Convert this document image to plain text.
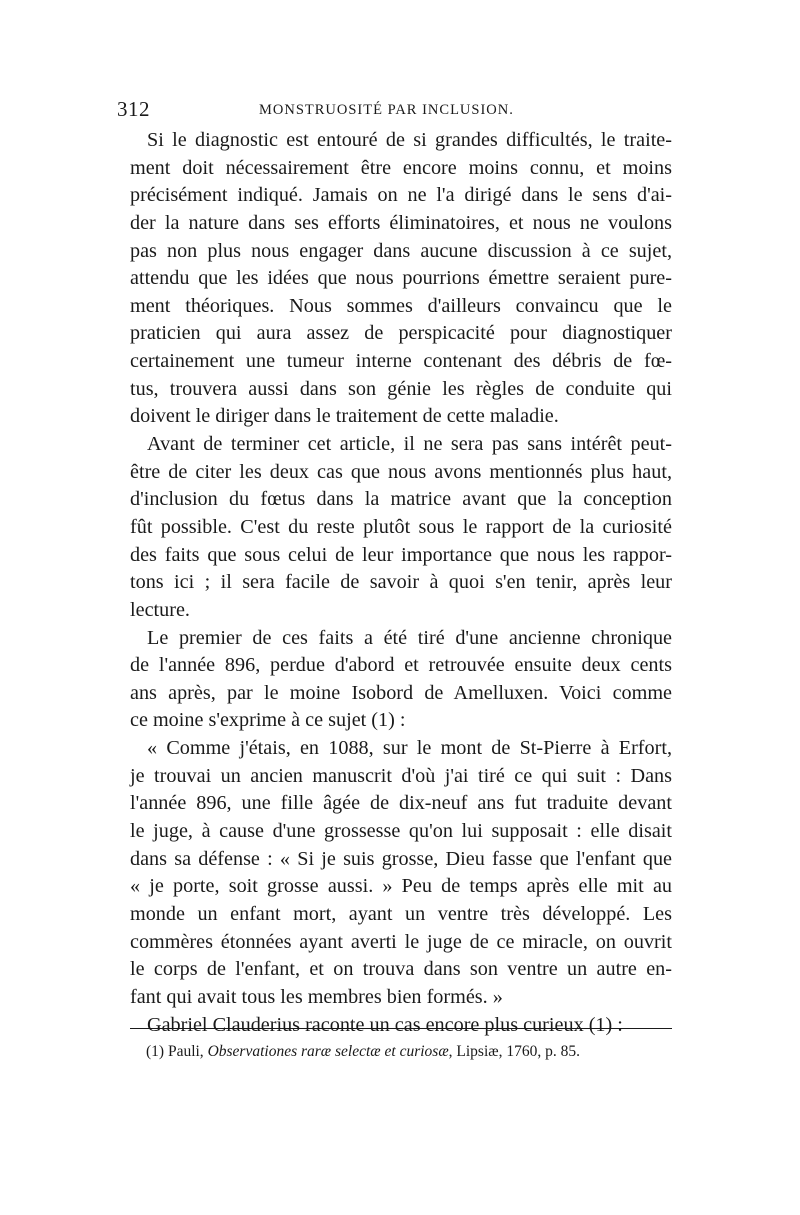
312	MONSTRUOSITÉ PAR INCLUSION.
Si le diagnostic est entouré de si grandes difficultés, le traite-
ment doit nécessairement être encore moins connu, et moins
précisément indiqué. Jamais on ne l'a dirigé dans le sens d'ai-
der la nature dans ses efforts éliminatoires, et nous ne voulons
pas non plus nous engager dans aucune discussion à ce sujet,
attendu que les idées que nous pourrions émettre seraient pure-
ment théoriques. Nous sommes d'ailleurs convaincu que le
praticien qui aura assez de perspicacité pour diagnostiquer
certainement une tumeur interne contenant des débris de fœ-
tus, trouvera aussi dans son génie les règles de conduite qui
doivent le diriger dans le traitement de cette maladie.
Avant de terminer cet article, il ne sera pas sans intérêt peut-
être de citer les deux cas que nous avons mentionnés plus haut,
d'inclusion du fœtus dans la matrice avant que la conception
fût possible. C'est du reste plutôt sous le rapport de la curiosité
des faits que sous celui de leur importance que nous les rappor-
tons ici ; il sera facile de savoir à quoi s'en tenir, après leur
lecture.
Le premier de ces faits a été tiré d'une ancienne chronique
de l'année 896, perdue d'abord et retrouvée ensuite deux cents
ans après, par le moine Isobord de Amelluxen. Voici comme
ce moine s'exprime à ce sujet (1) :
« Comme j'étais, en 1088, sur le mont de St-Pierre à Erfort,
je trouvai un ancien manuscrit d'où j'ai tiré ce qui suit : Dans
l'année 896, une fille âgée de dix-neuf ans fut traduite devant
le juge, à cause d'une grossesse qu'on lui supposait : elle disait
dans sa défense : « Si je suis grosse, Dieu fasse que l'enfant que
« je porte, soit grosse aussi. » Peu de temps après elle mit au
monde un enfant mort, ayant un ventre très développé. Les
commères étonnées ayant averti le juge de ce miracle, on ouvrit
le corps de l'enfant, et on trouva dans son ventre un autre en-
fant qui avait tous les membres bien formés. »
Gabriel Clauderius raconte un cas encore plus curieux (1) :
(1) Pauli, Observationes raræ selectæ et curiosæ, Lipsiæ, 1760, p. 85.
